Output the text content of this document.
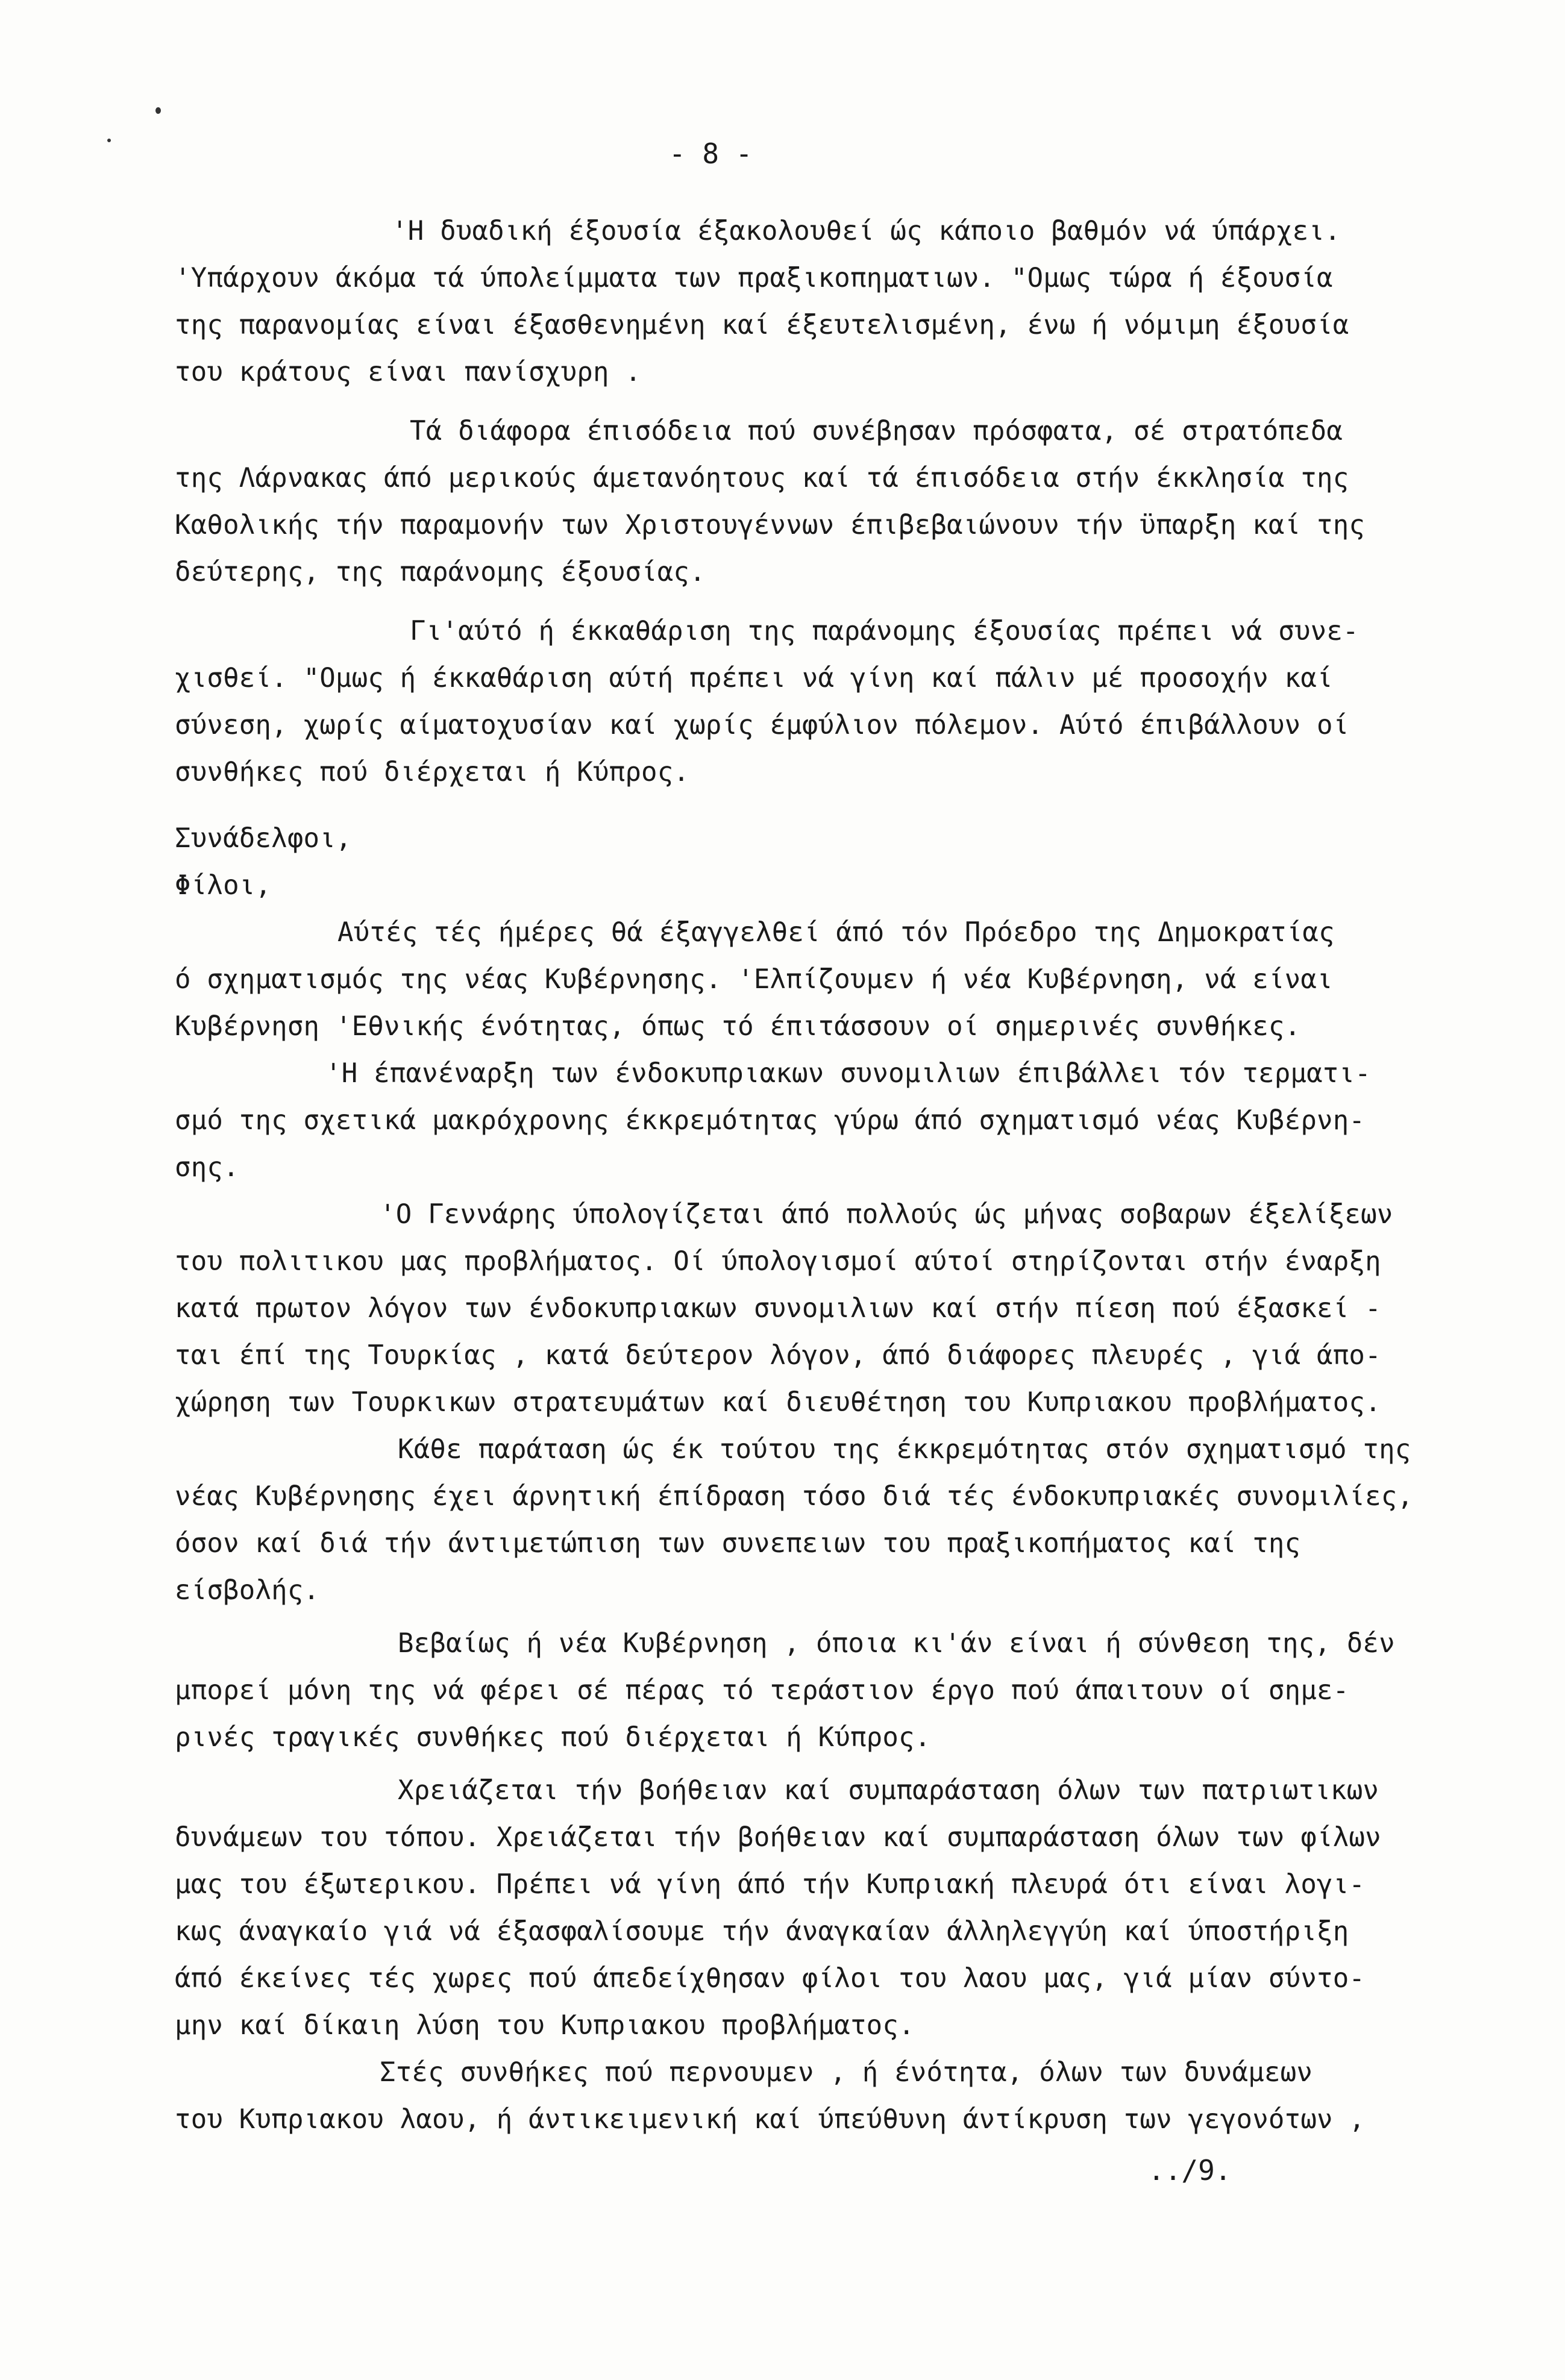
- 8 -

'Η δυαδική έξουσία έξακολουθεί ώς κάποιο βαθμόν νά ύπάρχει.

'Υπάρχουν άκόμα τά ύπολείμματα των πραξικοπηματιων. "Ομως τώρα ή έξουσία

της παρανομίας είναι έξασθενημένη καί έξευτελισμένη, ένω ή νόμιμη έξουσία

του κράτους είναι πανίσχυρη .

Τά διάφορα έπισόδεια πού συνέβησαν πρόσφατα, σέ στρατόπεδα

της Λάρνακας άπό μερικούς άμετανόητους καί τά έπισόδεια στήν έκκλησία της

Καθολικής τήν παραμονήν των Χριστουγέννων έπιβεβαιώνουν τήν ϋπαρξη καί της

δεύτερης, της παράνομης έξουσίας.

Γι'αύτό ή έκκαθάριση της παράνομης έξουσίας πρέπει νά συνε-

χισθεί. "Ομως ή έκκαθάριση αύτή πρέπει νά γίνη καί πάλιν μέ προσοχήν καί

σύνεση, χωρίς αίματοχυσίαν καί χωρίς έμφύλιον πόλεμον. Αύτό έπιβάλλουν οί

συνθήκες πού διέρχεται ή Κύπρος.

Συνάδελφοι,

Φίλοι,

Αύτές τές ήμέρες θά έξαγγελθεί άπό τόν Πρόεδρο της Δημοκρατίας

ό σχηματισμός της νέας Κυβέρνησης. 'Ελπίζουμεν ή νέα Κυβέρνηση, νά είναι

Κυβέρνηση 'Εθνικής ένότητας, όπως τό έπιτάσσουν οί σημερινές συνθήκες.

'Η έπανέναρξη των ένδοκυπριακων συνομιλιων έπιβάλλει τόν τερματι-

σμό της σχετικά μακρόχρονης έκκρεμότητας γύρω άπό σχηματισμό νέας Κυβέρνη-

σης.

'Ο Γεννάρης ύπολογίζεται άπό πολλούς ώς μήνας σοβαρων έξελίξεων

του πολιτικου μας προβλήματος. Οί ύπολογισμοί αύτοί στηρίζονται στήν έναρξη

κατά πρωτον λόγον των ένδοκυπριακων συνομιλιων καί στήν πίεση πού έξασκεί -

ται έπί της Τουρκίας , κατά δεύτερον λόγον, άπό διάφορες πλευρές , γιά άπο-

χώρηση των Τουρκικων στρατευμάτων καί διευθέτηση του Κυπριακου προβλήματος.

Κάθε παράταση ώς έκ τούτου της έκκρεμότητας στόν σχηματισμό της

νέας Κυβέρνησης έχει άρνητική έπίδραση τόσο διά τές ένδοκυπριακές συνομιλίες,

όσον καί διά τήν άντιμετώπιση των συνεπειων του πραξικοπήματος καί της

είσβολής.

Βεβαίως ή νέα Κυβέρνηση , όποια κι'άν είναι ή σύνθεση της, δέν

μπορεί μόνη της νά φέρει σέ πέρας τό τεράστιον έργο πού άπαιτουν οί σημε-

ρινές τραγικές συνθήκες πού διέρχεται ή Κύπρος.

Χρειάζεται τήν βοήθειαν καί συμπαράσταση όλων των πατριωτικων

δυνάμεων του τόπου. Χρειάζεται τήν βοήθειαν καί συμπαράσταση όλων των φίλων

μας του έξωτερικου. Πρέπει νά γίνη άπό τήν Κυπριακή πλευρά ότι είναι λογι-

κως άναγκαίο γιά νά έξασφαλίσουμε τήν άναγκαίαν άλληλεγγύη καί ύποστήριξη

άπό έκείνες τές χωρες πού άπεδείχθησαν φίλοι του λαου μας, γιά μίαν σύντο-

μην καί δίκαιη λύση του Κυπριακου προβλήματος.

Στές συνθήκες πού περνουμεν , ή ένότητα, όλων των δυνάμεων

του Κυπριακου λαου, ή άντικειμενική καί ύπεύθυνη άντίκρυση των γεγονότων ,

../9.
